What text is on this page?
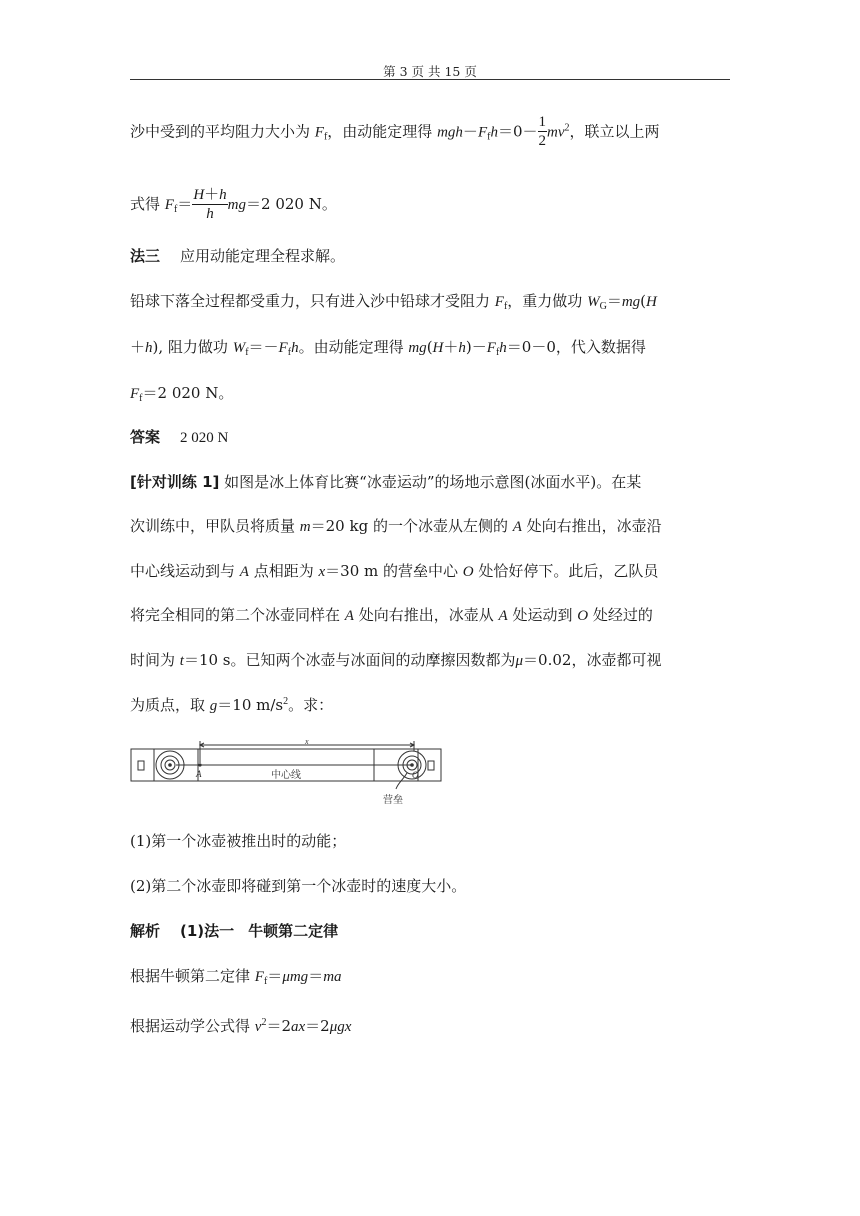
第 3 页 共 15 页
沙中受到的平均阻力大小为 $F_f$，由动能定理得 $mgh-F_fh=0- \frac{1}{2} mv^2$，联立以上两
式得 $F_f= \frac{H+h}{h} mg=2$ 020 N。
法三 应用动能定理全程求解。
铅球下落全过程都受重力，只有进入沙中铅球才受阻力 $F_f$，重力做功 $W_G=mg(H$
＋h), 阻力做功 $W_f=-F_fh$。由动能定理得 $mg(H+h)-F_fh=0-0$，代入数据得
$F_f=2$ 020 N。
答案 2 020 N
[针对训练 1] 如图是冰上体育比赛“冰壶运动”的场地示意图(冰面水平)。在某
次训练中，甲队员将质量 m＝20 kg 的一个冰壶从左侧的 A 处向右推出，冰壶沿
中心线运动到与 A 点相距为 x＝30 m 的营垒中心 O 处恰好停下。此后，乙队员
将完全相同的第二个冰壶同样在 A 处向右推出，冰壶从 A 处运动到 O 处经过的
时间为 t＝10 s。已知两个冰壶与冰面间的动摩擦因数都为μ＝0.02，冰壶都可视
为质点，取 g＝10 $m/s^2$。求：
x
A	中心线	O
营垒
(1)第一个冰壶被推出时的动能；
(2)第二个冰壶即将碰到第一个冰壶时的速度大小。
解析 (1)法一 牛顿第二定律
根据牛顿第二定律 $F_f=\mu mg=ma$
根据运动学公式得 $v^2=2ax=2\mu gx$
